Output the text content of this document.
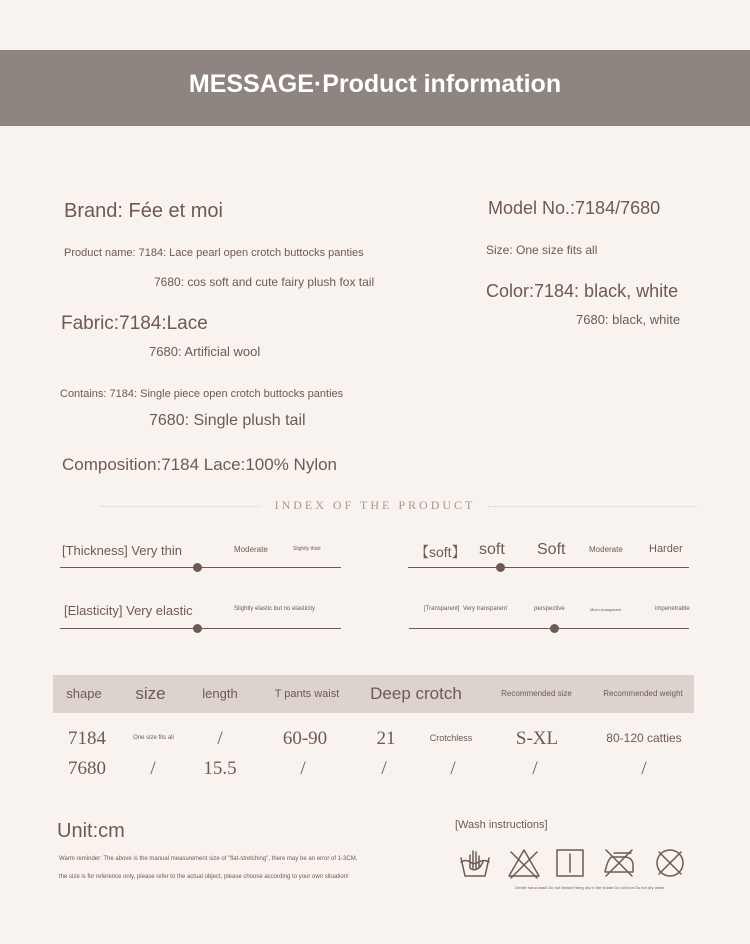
MESSAGE·Product information
Brand: Fée et moi	Model No.:7184/7680
Product name: 7184: Lace pearl open crotch buttocks panties
7680: cos soft and cute fairy plush fox tail
Size: One size fits all
Color:7184: black, white
7680: black, white
Fabric:7184:Lace
7680: Artificial wool
Contains: 7184: Single piece open crotch buttocks panties
7680: Single plush tail
Composition:7184 Lace:100% Nylon
INDEX OF THE PRODUCT
[Thickness] Very thin	Moderate	Slightly thick	【soft】 soft Soft	Moderate Harder
[Elasticity] Very elastic	Slightly elastic but no elasticity	[Transparent] Very transparent	perspective	Micro-transparent	impenetrable
shape	size	length	T pants waist	Deep crotch	Recommended size	Recommended weight
7184	One size fits all	/	60-90	21	Crotchless	S-XL	80-120 catties
7680	/	15.5	/	/	/	/	/
Unit:cm
Warm reminder: The above is the manual measurement size of "flat-stretching", there may be an error of 1-3CM,
the size is for reference only, please refer to the actual object, please choose according to your own situation!
[Wash instructions]
Gentle hand wash Do not bleach Hang dry in the shade Do not iron Do not dry clean
